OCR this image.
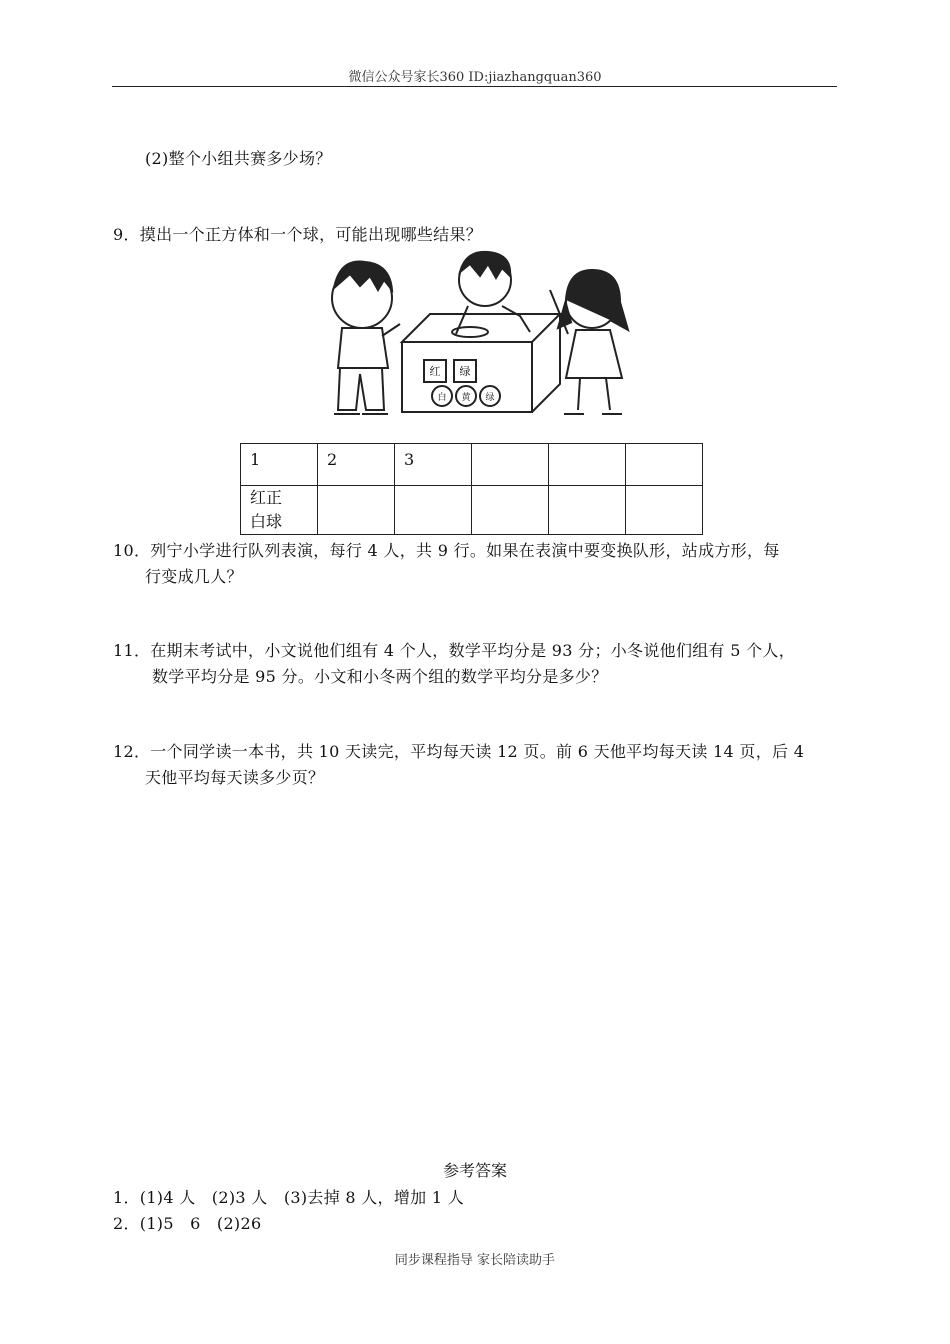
微信公众号家长360 ID:jiazhangquan360
(2)整个小组共赛多少场？
9．摸出一个正方体和一个球，可能出现哪些结果？
红 绿
白 黄 绿
1	2	3			

红正
白球					

10．列宁小学进行队列表演，每行 4 人，共 9 行。如果在表演中要变换队形，站成方形，每
行变成几人？
11．在期末考试中，小文说他们组有 4 个人，数学平均分是 93 分；小冬说他们组有 5 个人，
数学平均分是 95 分。小文和小冬两个组的数学平均分是多少？
12．一个同学读一本书，共 10 天读完，平均每天读 12 页。前 6 天他平均每天读 14 页，后 4
天他平均每天读多少页？
参考答案
1．(1)4 人　(2)3 人　(3)去掉 8 人，增加 1 人
2．(1)5　6　(2)26
同步课程指导 家长陪读助手
